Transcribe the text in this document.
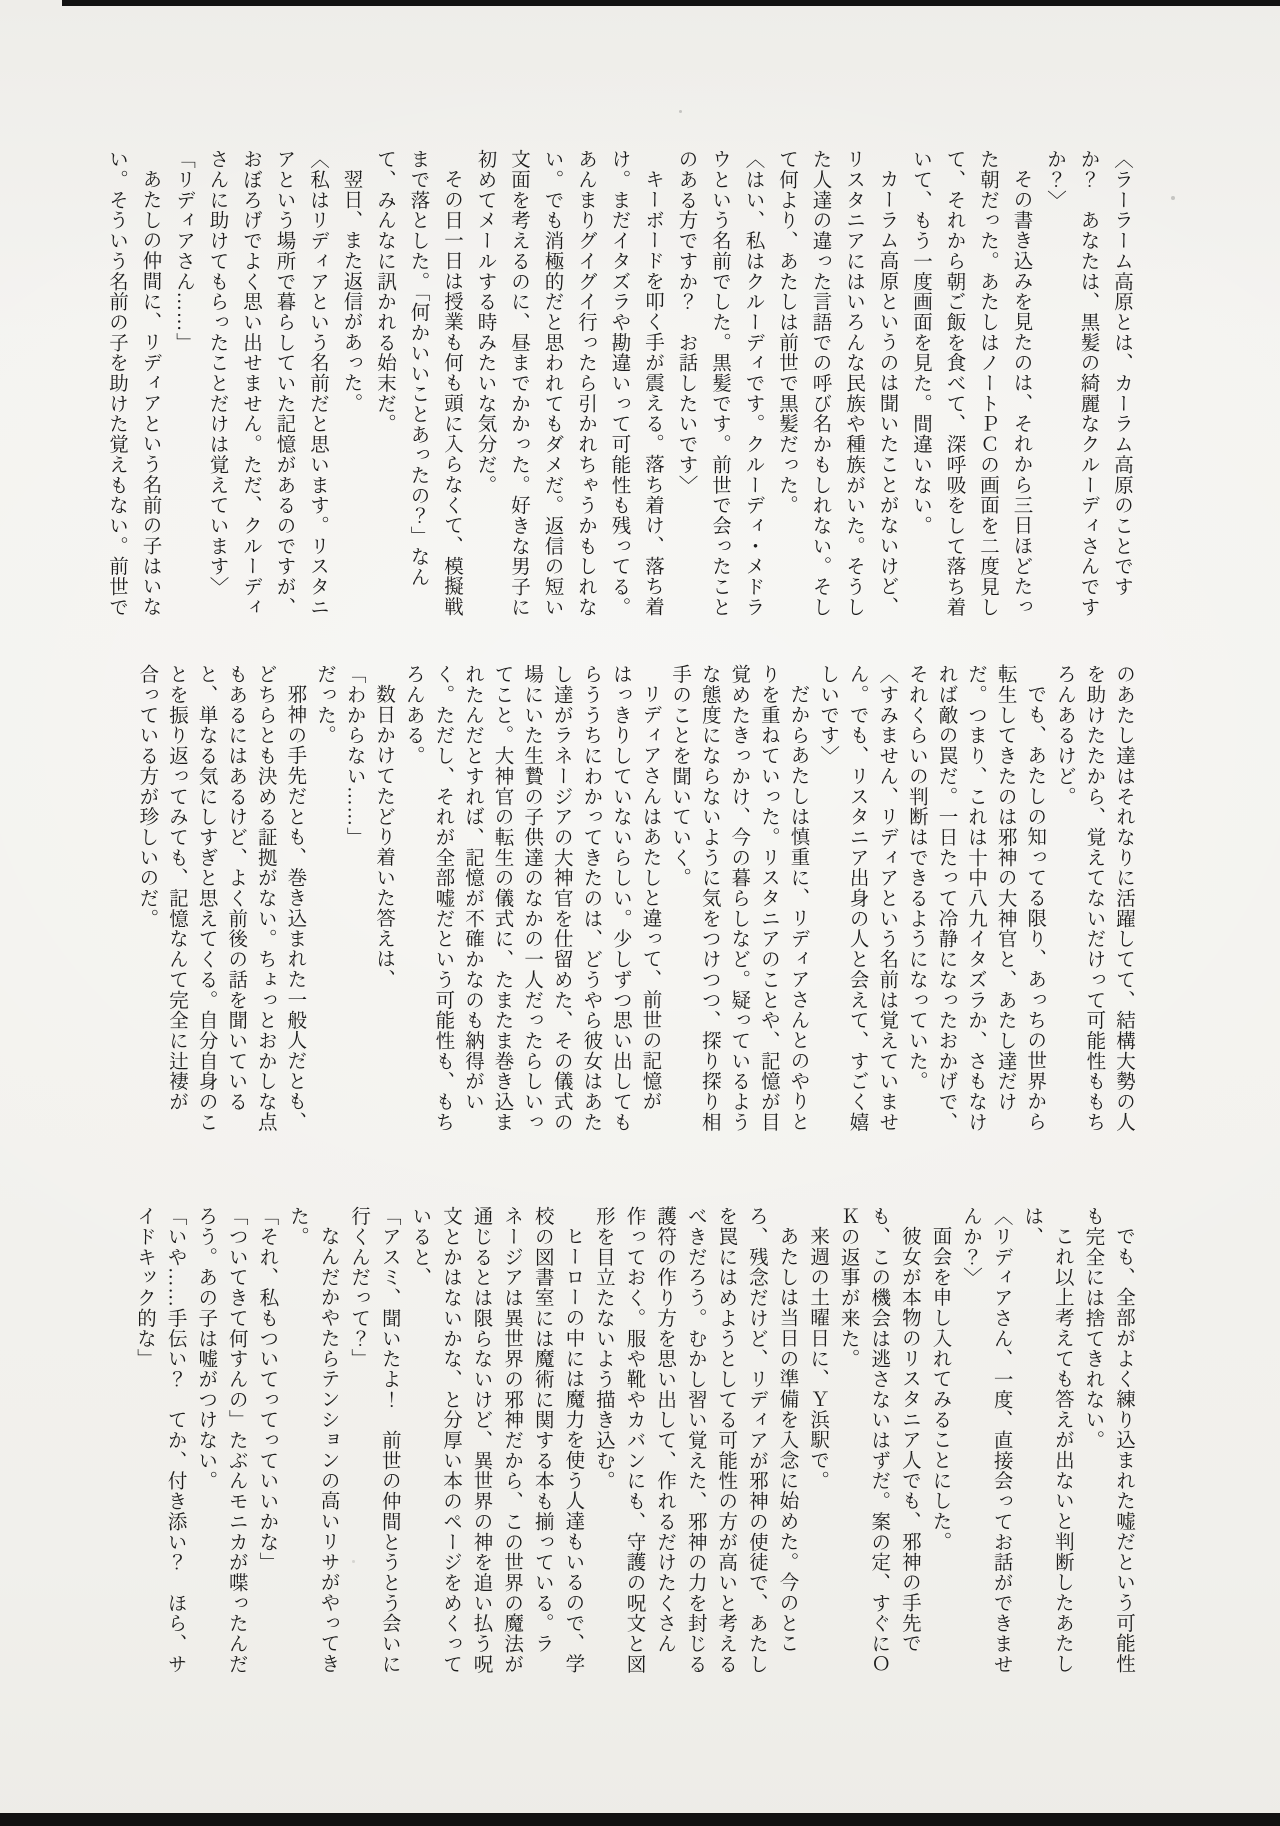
〈ラーラーム高原とは、カーラム高原のことですか？　あなたは、黒髪の綺麗なクルーディさんですか？〉

その書き込みを見たのは、それから三日ほどたった朝だった。あたしはノートＰＣの画面を二度見して、それから朝ご飯を食べて、深呼吸をして落ち着いて、もう一度画面を見た。間違いない。

カーラム高原というのは聞いたことがないけど、リスタニアにはいろんな民族や種族がいた。そうした人達の違った言語での呼び名かもしれない。そして何より、あたしは前世で黒髪だった。

〈はい、私はクルーディです。クルーディ・メドラウという名前でした。黒髪です。前世で会ったことのある方ですか？　お話したいです〉

キーボードを叩く手が震える。落ち着け、落ち着け。まだイタズラや勘違いって可能性も残ってる。あんまりグイグイ行ったら引かれちゃうかもしれない。でも消極的だと思われてもダメだ。返信の短い文面を考えるのに、昼までかかった。好きな男子に初めてメールする時みたいな気分だ。

その日一日は授業も何も頭に入らなくて、模擬戦まで落とした。「何かいいことあったの？」なんて、みんなに訊かれる始末だ。

翌日、また返信があった。

〈私はリディアという名前だと思います。リスタニアという場所で暮らしていた記憶があるのですが、おぼろげでよく思い出せません。ただ、クルーディさんに助けてもらったことだけは覚えています〉

「リディアさん……」

あたしの仲間に、リディアという名前の子はいない。そういう名前の子を助けた覚えもない。前世で

のあたし達はそれなりに活躍してて、結構大勢の人を助けたたから、覚えてないだけって可能性ももちろんあるけど。

でも、あたしの知ってる限り、あっちの世界から転生してきたのは邪神の大神官と、あたし達だけだ。つまり、これは十中八九イタズラか、さもなければ敵の罠だ。一日たって冷静になったおかげで、それくらいの判断はできるようになっていた。

〈すみません、リディアという名前は覚えていません。でも、リスタニア出身の人と会えて、すごく嬉しいです〉

だからあたしは慎重に、リディアさんとのやりとりを重ねていった。リスタニアのことや、記憶が目覚めたきっかけ、今の暮らしなど。疑っているような態度にならないように気をつけつつ、探り探り相手のことを聞いていく。

リディアさんはあたしと違って、前世の記憶がはっきりしていないらしい。少しずつ思い出してもらううちにわかってきたのは、どうやら彼女はあたし達がラネージアの大神官を仕留めた、その儀式の場にいた生贄の子供達のなかの一人だったらしいってこと。大神官の転生の儀式に、たまたま巻き込まれたんだとすれば、記憶が不確かなのも納得がいく。ただし、それが全部嘘だという可能性も、もちろんある。

数日かけてたどり着いた答えは、

「わからない……」

だった。

邪神の手先だとも、巻き込まれた一般人だとも、どちらとも決める証拠がない。ちょっとおかしな点もあるにはあるけど、よく前後の話を聞いていると、単なる気にしすぎと思えてくる。自分自身のことを振り返ってみても、記憶なんて完全に辻褄が合っている方が珍しいのだ。

でも、全部がよく練り込まれた嘘だという可能性も完全には捨てきれない。

これ以上考えても答えが出ないと判断したあたしは、

〈リディアさん、一度、直接会ってお話ができませんか？〉

面会を申し入れてみることにした。

彼女が本物のリスタニア人でも、邪神の手先でも、この機会は逃さないはずだ。案の定、すぐにＯＫの返事が来た。

来週の土曜日に、Ｙ浜駅で。

あたしは当日の準備を入念に始めた。今のところ、残念だけど、リディアが邪神の使徒で、あたしを罠にはめようとしてる可能性の方が高いと考えるべきだろう。むかし習い覚えた、邪神の力を封じる護符の作り方を思い出して、作れるだけたくさん作っておく。服や靴やカバンにも、守護の呪文と図形を目立たないよう描き込む。

ヒーローの中には魔力を使う人達もいるので、学校の図書室には魔術に関する本も揃っている。ラネージアは異世界の邪神だから、この世界の魔法が通じるとは限らないけど、異世界の神を追い払う呪文とかはないかな、と分厚い本のページをめくっていると、

「アスミ、聞いたよ！　前世の仲間とうとう会いに行くんだって？」

なんだかやたらテンションの高いリサがやってきた。

「それ、私もついてってっていいかな」

「ついてきて何すんの」たぶんモニカが喋ったんだろう。あの子は嘘がつけない。

「いや……手伝い？　てか、付き添い？　ほら、サイドキック的な」
